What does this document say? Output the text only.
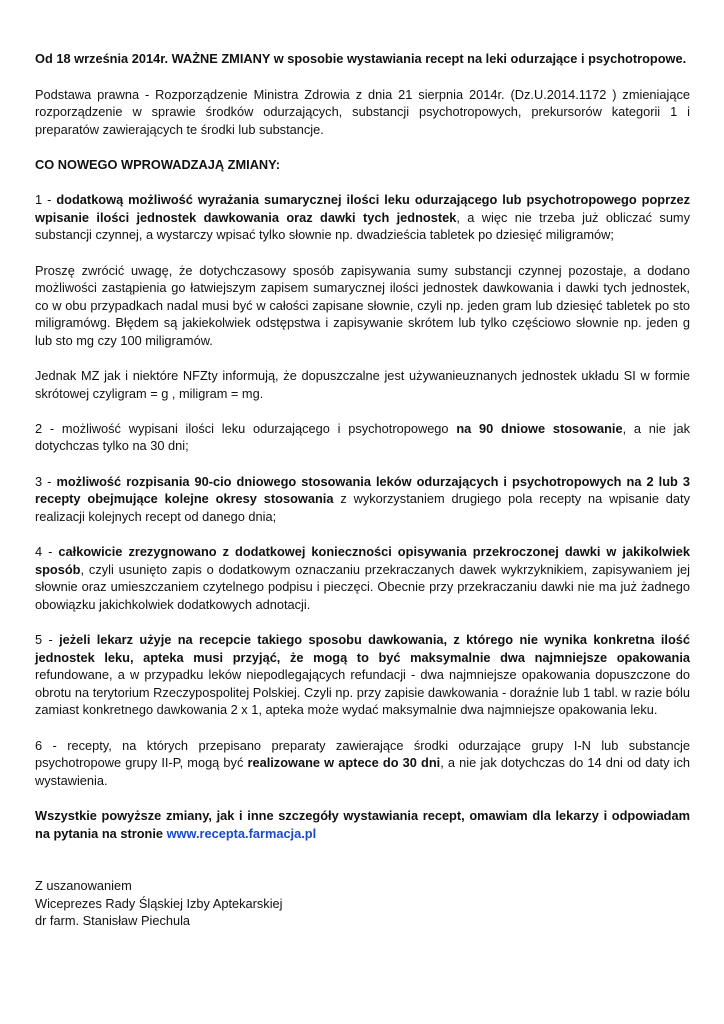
Od 18 września 2014r. WAŻNE ZMIANY w sposobie wystawiania recept na leki odurzające i psychotropowe.

Podstawa prawna - Rozporządzenie Ministra Zdrowia z dnia 21 sierpnia 2014r. (Dz.U.2014.1172 ) zmieniające rozporządzenie w sprawie środków odurzających, substancji psychotropowych, prekursorów kategorii 1 i preparatów zawierających te środki lub substancje.

CO NOWEGO WPROWADZAJĄ ZMIANY:

1 - dodatkową możliwość wyrażania sumarycznej ilości leku odurzającego lub psychotropowego poprzez wpisanie ilości jednostek dawkowania oraz dawki tych jednostek, a więc nie trzeba już obliczać sumy substancji czynnej, a wystarczy wpisać tylko słownie np. dwadzieścia tabletek po dziesięć miligramów;

Proszę zwrócić uwagę, że dotychczasowy sposób zapisywania sumy substancji czynnej pozostaje, a dodano możliwości zastąpienia go łatwiejszym zapisem sumarycznej ilości jednostek dawkowania i dawki tych jednostek, co w obu przypadkach nadal musi być w całości zapisane słownie, czyli np. jeden gram lub dziesięć tabletek po sto miligramówg. Błędem są jakiekolwiek odstępstwa i zapisywanie skrótem lub tylko częściowo słownie np. jeden g lub sto mg czy 100 miligramów.

Jednak MZ jak i niektóre NFZty informują, że dopuszczalne jest używanieuznanych jednostek układu SI w formie skrótowej czyligram = g , miligram = mg.

2 - możliwość wypisani ilości leku odurzającego i psychotropowego na 90 dniowe stosowanie, a nie jak dotychczas tylko na 30 dni;

3 - możliwość rozpisania 90-cio dniowego stosowania leków odurzających i psychotropowych na 2 lub 3 recepty obejmujące kolejne okresy stosowania z wykorzystaniem drugiego pola recepty na wpisanie daty realizacji kolejnych recept od danego dnia;

4 - całkowicie zrezygnowano z dodatkowej konieczności opisywania przekroczonej dawki w jakikolwiek sposób, czyli usunięto zapis o dodatkowym oznaczaniu przekraczanych dawek wykrzyknikiem, zapisywaniem jej słownie oraz umieszczaniem czytelnego podpisu i pieczęci. Obecnie przy przekraczaniu dawki nie ma już żadnego obowiązku jakichkolwiek dodatkowych adnotacji.

5 - jeżeli lekarz użyje na recepcie takiego sposobu dawkowania, z którego nie wynika konkretna ilość jednostek leku, apteka musi przyjąć, że mogą to być maksymalnie dwa najmniejsze opakowania refundowane, a w przypadku leków niepodlegających refundacji - dwa najmniejsze opakowania dopuszczone do obrotu na terytorium Rzeczypospolitej Polskiej. Czyli np. przy zapisie dawkowania - doraźnie lub 1 tabl. w razie bólu zamiast konkretnego dawkowania 2 x 1, apteka może wydać maksymalnie dwa najmniejsze opakowania leku.

6 - recepty, na których przepisano preparaty zawierające środki odurzające grupy I-N lub substancje psychotropowe grupy II-P, mogą być realizowane w aptece do 30 dni, a nie jak dotychczas do 14 dni od daty ich wystawienia.

Wszystkie powyższe zmiany, jak i inne szczegóły wystawiania recept, omawiam dla lekarzy i odpowiadam na pytania na stronie www.recepta.farmacja.pl

Z uszanowaniem
Wiceprezes Rady Śląskiej Izby Aptekarskiej
dr farm. Stanisław Piechula
